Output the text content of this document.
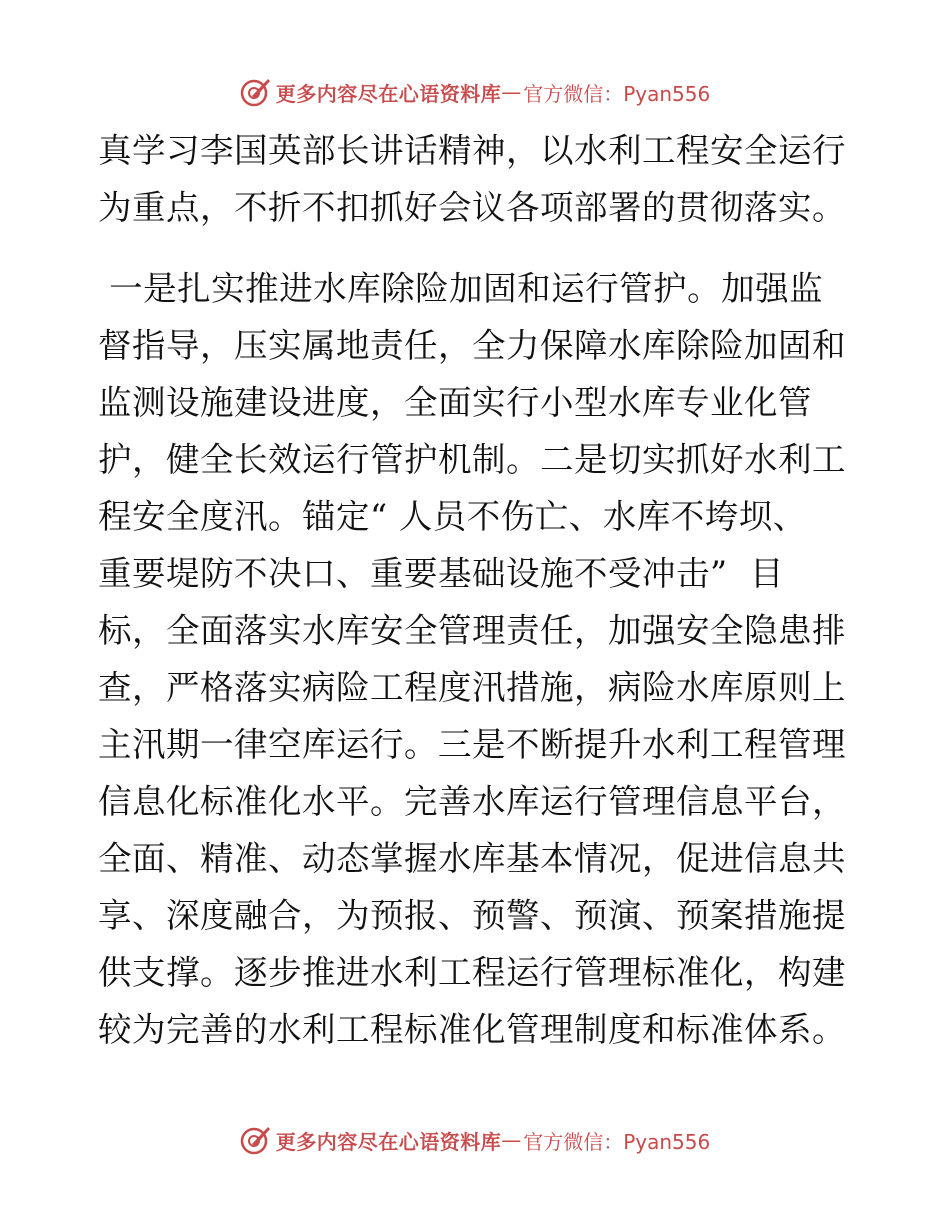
更多内容尽在心语资料库 — 官方微信：Pyan556
真学习李国英部长讲话精神，以水利工程安全运行
为重点，不折不扣抓好会议各项部署的贯彻落实。
一是扎实推进水库除险加固和运行管护。加强监
督指导，压实属地责任，全力保障水库除险加固和
监测设施建设进度，全面实行小型水库专业化管
护，健全长效运行管护机制。二是切实抓好水利工
程安全度汛。锚定“ 人员不伤亡、水库不垮坝、
重要堤防不决口、重要基础设施不受冲击”  目
标，全面落实水库安全管理责任，加强安全隐患排
查，严格落实病险工程度汛措施，病险水库原则上
主汛期一律空库运行。三是不断提升水利工程管理
信息化标准化水平。完善水库运行管理信息平台，
全面、精准、动态掌握水库基本情况，促进信息共
享、深度融合，为预报、预警、预演、预案措施提
供支撑。逐步推进水利工程运行管理标准化，构建
较为完善的水利工程标准化管理制度和标准体系。
更多内容尽在心语资料库 — 官方微信：Pyan556
